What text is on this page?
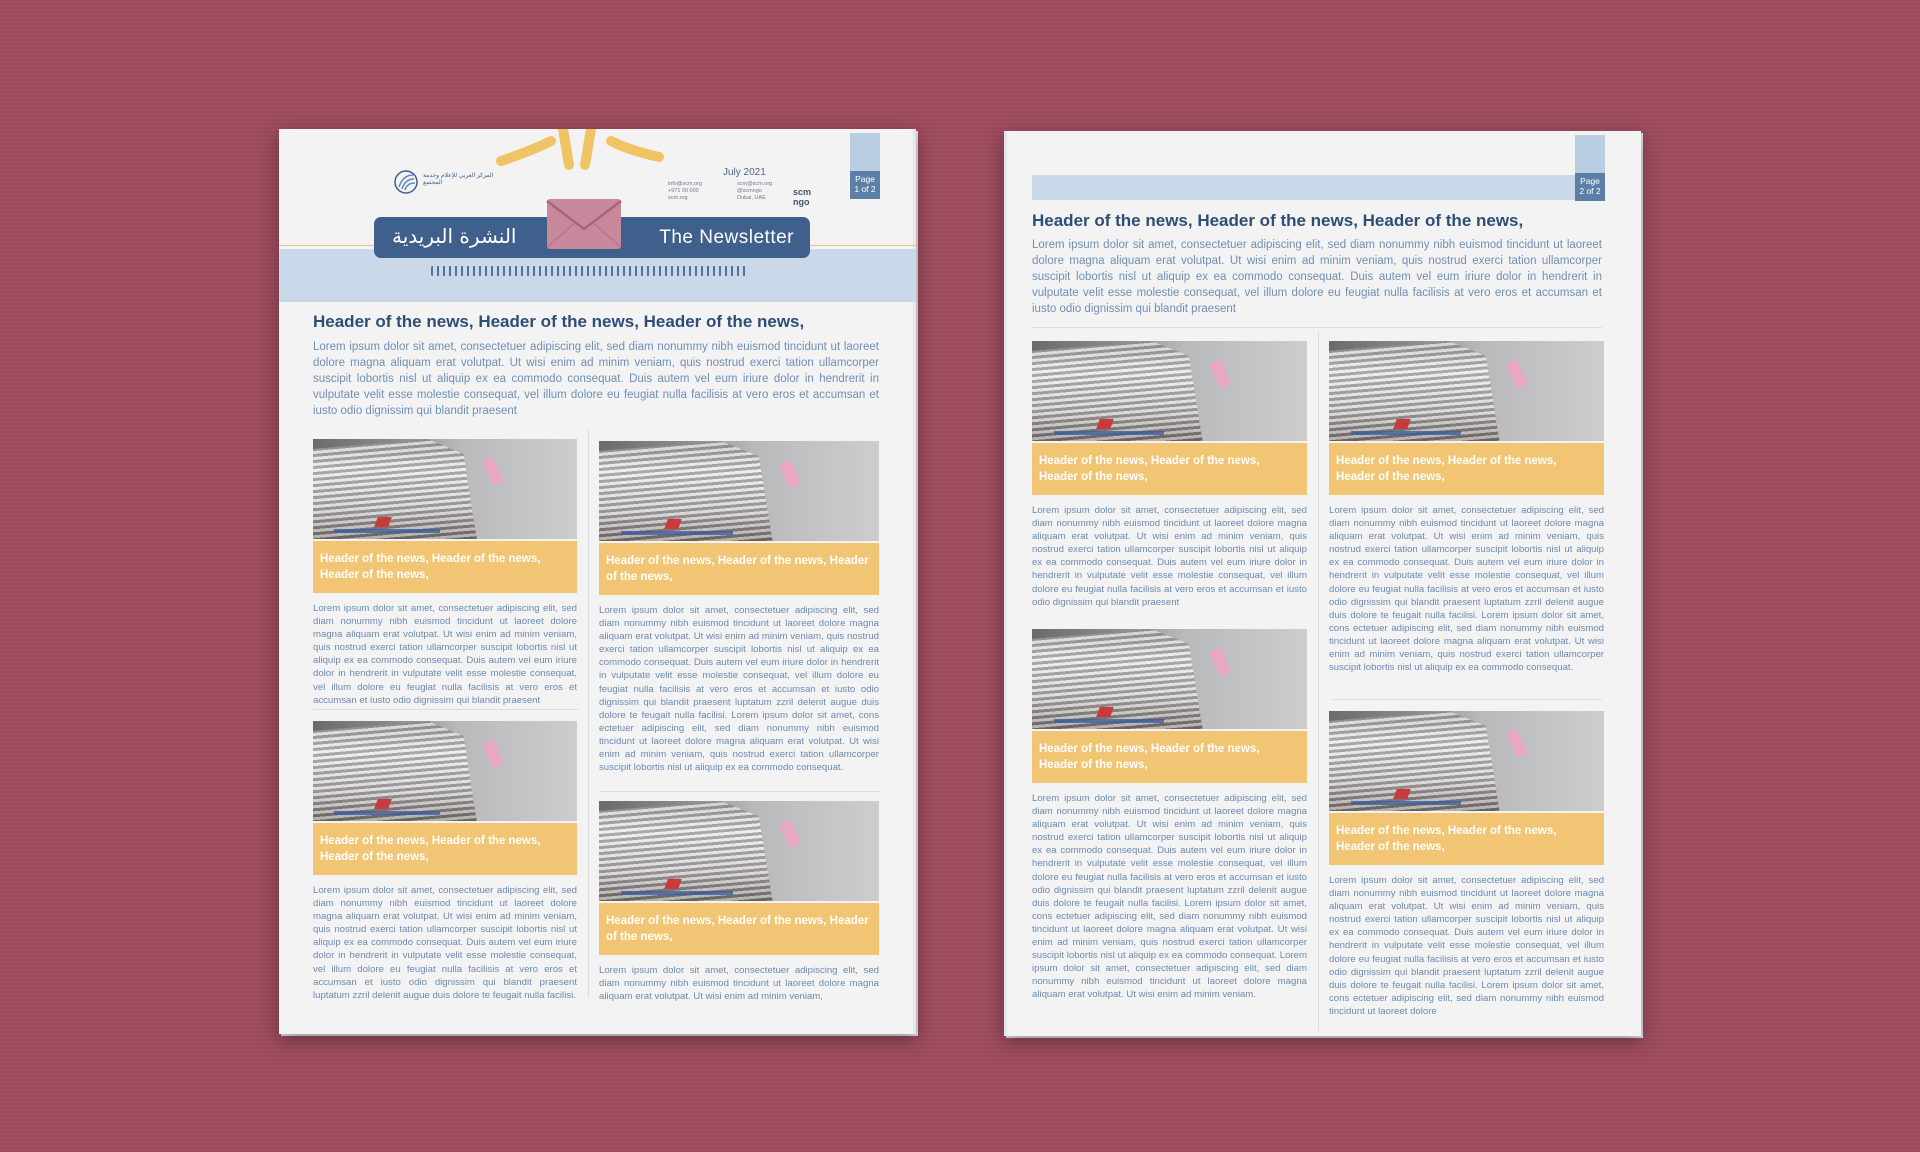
المركز العربي للإعلام وخدمة المجتمع
July 2021
info@scm.org
+971 00 000
scm.org
scm@scm.org
@scmngo
Dubai, UAE
scm ngo
النشرة البريدية	The Newsletter
Page
1 of 2
Header of the news, Header of the news, Header of the news,
Lorem ipsum dolor sit amet, consectetuer adipiscing elit, sed diam nonummy nibh euismod tincidunt ut laoreet dolore magna aliquam erat volutpat. Ut wisi enim ad minim veniam, quis nostrud exerci tation ullamcorper suscipit lobortis nisl ut aliquip ex ea commodo consequat. Duis autem vel eum iriure dolor in hendrerit in vulputate velit esse molestie consequat, vel illum dolore eu feugiat nulla facilisis at vero eros et accumsan et iusto odio dignissim qui blandit praesent
Header of the news, Header of the news, Header of the news,
Lorem ipsum dolor sit amet, consectetuer adipiscing elit, sed diam nonummy nibh euismod tincidunt ut laoreet dolore magna aliquam erat volutpat. Ut wisi enim ad minim veniam, quis nostrud exerci tation ullamcorper suscipit lobortis nisl ut aliquip ex ea commodo consequat. Duis autem vel eum iriure dolor in hendrerit in vulputate velit esse molestie consequat, vel illum dolore eu feugiat nulla facilisis at vero eros et accumsan et iusto odio dignissim qui blandit praesent
Header of the news, Header of the news, Header of the news,
Lorem ipsum dolor sit amet, consectetuer adipiscing elit, sed diam nonummy nibh euismod tincidunt ut laoreet dolore magna aliquam erat volutpat. Ut wisi enim ad minim veniam, quis nostrud exerci tation ullamcorper suscipit lobortis nisl ut aliquip ex ea commodo consequat. Duis autem vel eum iriure dolor in hendrerit in vulputate velit esse molestie consequat, vel illum dolore eu feugiat nulla facilisis at vero eros et accumsan et iusto odio dignissim qui blandit praesent luptatum zzril delenit augue duis dolore te feugait nulla facilisi. Lorem ipsum dolor sit amet, cons ectetuer adipiscing elit, sed diam nonummy nibh euismod tincidunt ut laoreet dolore magna aliquam erat volutpat. Ut wisi enim ad minim veniam, quis nostrud exerci tation ullamcorper suscipit lobortis nisl ut aliquip ex ea commodo consequat.
Header of the news, Header of the news, Header of the news,
Lorem ipsum dolor sit amet, consectetuer adipiscing elit, sed diam nonummy nibh euismod tincidunt ut laoreet dolore magna aliquam erat volutpat. Ut wisi enim ad minim veniam, quis nostrud exerci tation ullamcorper suscipit lobortis nisl ut aliquip ex ea commodo consequat. Duis autem vel eum iriure dolor in hendrerit in vulputate velit esse molestie consequat, vel illum dolore eu feugiat nulla facilisis at vero eros et accumsan et iusto odio dignissim qui blandit praesent luptatum zzril delenit augue duis dolore te feugait nulla facilisi.
Header of the news, Header of the news, Header of the news,
Lorem ipsum dolor sit amet, consectetuer adipiscing elit, sed diam nonummy nibh euismod tincidunt ut laoreet dolore magna aliquam erat volutpat. Ut wisi enim ad minim veniam,
Page
2 of 2
Header of the news, Header of the news, Header of the news,
Lorem ipsum dolor sit amet, consectetuer adipiscing elit, sed diam nonummy nibh euismod tincidunt ut laoreet dolore magna aliquam erat volutpat. Ut wisi enim ad minim veniam, quis nostrud exerci tation ullamcorper suscipit lobortis nisl ut aliquip ex ea commodo consequat. Duis autem vel eum iriure dolor in hendrerit in vulputate velit esse molestie consequat, vel illum dolore eu feugiat nulla facilisis at vero eros et accumsan et iusto odio dignissim qui blandit praesent
Header of the news, Header of the news, Header of the news,
Lorem ipsum dolor sit amet, consectetuer adipiscing elit, sed diam nonummy nibh euismod tincidunt ut laoreet dolore magna aliquam erat volutpat. Ut wisi enim ad minim veniam, quis nostrud exerci tation ullamcorper suscipit lobortis nisl ut aliquip ex ea commodo consequat. Duis autem vel eum iriure dolor in hendrerit in vulputate velit esse molestie consequat, vel illum dolore eu feugiat nulla facilisis at vero eros et accumsan et iusto odio dignissim qui blandit praesent
Header of the news, Header of the news, Header of the news,
Lorem ipsum dolor sit amet, consectetuer adipiscing elit, sed diam nonummy nibh euismod tincidunt ut laoreet dolore magna aliquam erat volutpat. Ut wisi enim ad minim veniam, quis nostrud exerci tation ullamcorper suscipit lobortis nisl ut aliquip ex ea commodo consequat. Duis autem vel eum iriure dolor in hendrerit in vulputate velit esse molestie consequat, vel illum dolore eu feugiat nulla facilisis at vero eros et accumsan et iusto odio dignissim qui blandit praesent luptatum zzril delenit augue duis dolore te feugait nulla facilisi. Lorem ipsum dolor sit amet, cons ectetuer adipiscing elit, sed diam nonummy nibh euismod tincidunt ut laoreet dolore magna aliquam erat volutpat. Ut wisi enim ad minim veniam, quis nostrud exerci tation ullamcorper suscipit lobortis nisl ut aliquip ex ea commodo consequat.
Header of the news, Header of the news, Header of the news,
Lorem ipsum dolor sit amet, consectetuer adipiscing elit, sed diam nonummy nibh euismod tincidunt ut laoreet dolore magna aliquam erat volutpat. Ut wisi enim ad minim veniam, quis nostrud exerci tation ullamcorper suscipit lobortis nisl ut aliquip ex ea commodo consequat. Duis autem vel eum iriure dolor in hendrerit in vulputate velit esse molestie consequat, vel illum dolore eu feugiat nulla facilisis at vero eros et accumsan et iusto odio dignissim qui blandit praesent luptatum zzril delenit augue duis dolore te feugait nulla facilisi. Lorem ipsum dolor sit amet, cons ectetuer adipiscing elit, sed diam nonummy nibh euismod tincidunt ut laoreet dolore magna aliquam erat volutpat. Ut wisi enim ad minim veniam, quis nostrud exerci tation ullamcorper suscipit lobortis nisl ut aliquip ex ea commodo consequat. Lorem ipsum dolor sit amet, consectetuer adipiscing elit, sed diam nonummy nibh euismod tincidunt ut laoreet dolore magna aliquam erat volutpat. Ut wisi enim ad minim veniam.
Header of the news, Header of the news, Header of the news,
Lorem ipsum dolor sit amet, consectetuer adipiscing elit, sed diam nonummy nibh euismod tincidunt ut laoreet dolore magna aliquam erat volutpat. Ut wisi enim ad minim veniam, quis nostrud exerci tation ullamcorper suscipit lobortis nisl ut aliquip ex ea commodo consequat. Duis autem vel eum iriure dolor in hendrerit in vulputate velit esse molestie consequat, vel illum dolore eu feugiat nulla facilisis at vero eros et accumsan et iusto odio dignissim qui blandit praesent luptatum zzril delenit augue duis dolore te feugait nulla facilisi. Lorem ipsum dolor sit amet, cons ectetuer adipiscing elit, sed diam nonummy nibh euismod tincidunt ut laoreet dolore
